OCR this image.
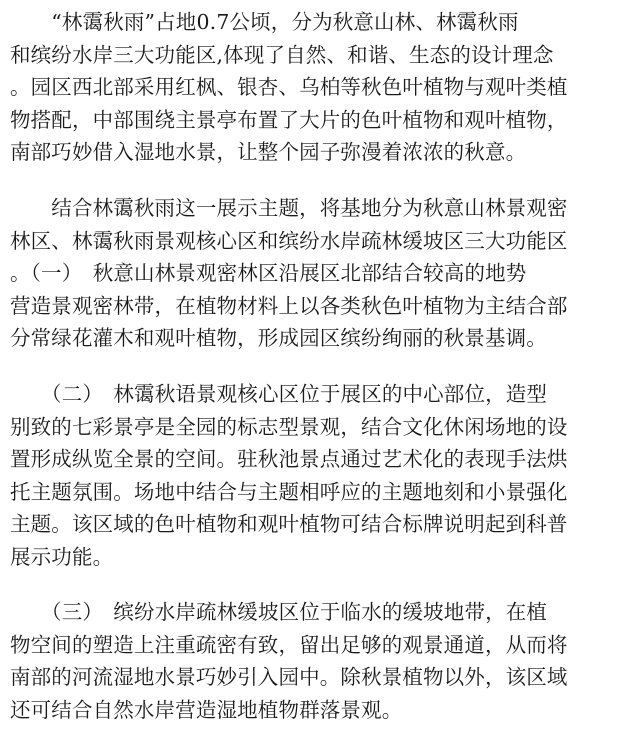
　　“林霭秋雨”占地0.7公顷，分为秋意山林、林霭秋雨
和缤纷水岸三大功能区,体现了自然、和谐、生态的设计理念
。园区西北部采用红枫、银杏、乌柏等秋色叶植物与观叶类植
物搭配，中部围绕主景亭布置了大片的色叶植物和观叶植物，
南部巧妙借入湿地水景，让整个园子弥漫着浓浓的秋意。
　　结合林霭秋雨这一展示主题，将基地分为秋意山林景观密
林区、林霭秋雨景观核心区和缤纷水岸疏林缓坡区三大功能区
。（一）　秋意山林景观密林区沿展区北部结合较高的地势
营造景观密林带，在植物材料上以各类秋色叶植物为主结合部
分常绿花灌木和观叶植物，形成园区缤纷绚丽的秋景基调。
　　（二）　林霭秋语景观核心区位于展区的中心部位，造型
别致的七彩景亭是全园的标志型景观，结合文化休闲场地的设
置形成纵览全景的空间。驻秋池景点通过艺术化的表现手法烘
托主题氛围。场地中结合与主题相呼应的主题地刻和小景强化
主题。该区域的色叶植物和观叶植物可结合标牌说明起到科普
展示功能。
　　（三）　缤纷水岸疏林缓坡区位于临水的缓坡地带，在植
物空间的塑造上注重疏密有致，留出足够的观景通道，从而将
南部的河流湿地水景巧妙引入园中。除秋景植物以外，该区域
还可结合自然水岸营造湿地植物群落景观。
